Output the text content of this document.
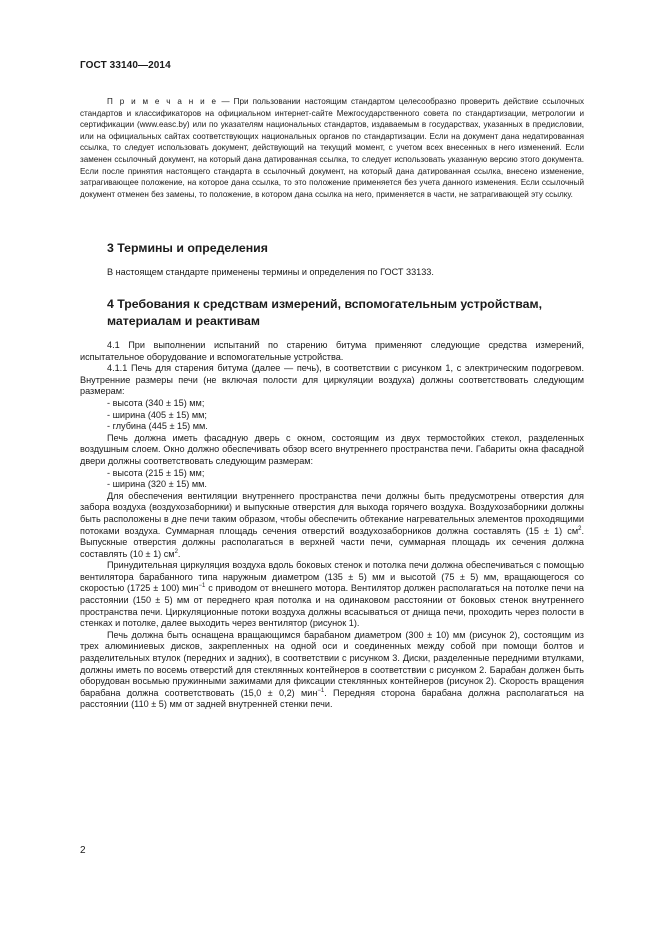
ГОСТ 33140—2014

П р и м е ч а н и е — При пользовании настоящим стандартом целесообразно проверить действие ссылочных стандартов и классификаторов на официальном интернет-сайте Межгосударственного совета по стандартизации, метрологии и сертификации (www.easc.by) или по указателям национальных стандартов, издаваемым в государствах, указанных в предисловии, или на официальных сайтах соответствующих национальных органов по стандартизации. Если на документ дана недатированная ссылка, то следует использовать документ, действующий на текущий момент, с учетом всех внесенных в него изменений. Если заменен ссылочный документ, на который дана датированная ссылка, то следует использовать указанную версию этого документа. Если после принятия настоящего стандарта в ссылочный документ, на который дана датированная ссылка, внесено изменение, затрагивающее положение, на которое дана ссылка, то это положение применяется без учета данного изменения. Если ссылочный документ отменен без замены, то положение, в котором дана ссылка на него, применяется в части, не затрагивающей эту ссылку.

3 Термины и определения

В настоящем стандарте применены термины и определения по ГОСТ 33133.

4 Требования к средствам измерений, вспомогательным устройствам, материалам и реактивам

4.1 При выполнении испытаний по старению битума применяют следующие средства измерений, испытательное оборудование и вспомогательные устройства.

4.1.1 Печь для старения битума (далее — печь), в соответствии с рисунком 1, с электрическим подогревом. Внутренние размеры печи (не включая полости для циркуляции воздуха) должны соответствовать следующим размерам:

- высота (340 ± 15) мм;

- ширина (405 ± 15) мм;

- глубина (445 ± 15) мм.

Печь должна иметь фасадную дверь с окном, состоящим из двух термостойких стекол, разделенных воздушным слоем. Окно должно обеспечивать обзор всего внутреннего пространства печи. Габариты окна фасадной двери должны соответствовать следующим размерам:

- высота (215 ± 15) мм;

- ширина (320 ± 15) мм.

Для обеспечения вентиляции внутреннего пространства печи должны быть предусмотрены отверстия для забора воздуха (воздухозаборники) и выпускные отверстия для выхода горячего воздуха. Воздухозаборники должны быть расположены в дне печи таким образом, чтобы обеспечить обтекание нагревательных элементов проходящими потоками воздуха. Суммарная площадь сечения отверстий воздухозаборников должна составлять (15 ± 1) $см^2$. Выпускные отверстия должны располагаться в верхней части печи, суммарная площадь их сечения должна составлять (10 ± 1) $см^2$.

Принудительная циркуляция воздуха вдоль боковых стенок и потолка печи должна обеспечиваться с помощью вентилятора барабанного типа наружным диаметром (135 ± 5) мм и высотой (75 ± 5) мм, вращающегося со скоростью (1725 ± 100) мин$^{-1}$ с приводом от внешнего мотора. Вентилятор должен располагаться на потолке печи на расстоянии (150 ± 5) мм от переднего края потолка и на одинаковом расстоянии от боковых стенок внутреннего пространства печи. Циркуляционные потоки воздуха должны всасываться от днища печи, проходить через полости в стенках и потолке, далее выходить через вентилятор (рисунок 1).

Печь должна быть оснащена вращающимся барабаном диаметром (300 ± 10) мм (рисунок 2), состоящим из трех алюминиевых дисков, закрепленных на одной оси и соединенных между собой при помощи болтов и разделительных втулок (передних и задних), в соответствии с рисунком 3. Диски, разделенные передними втулками, должны иметь по восемь отверстий для стеклянных контейнеров в соответствии с рисунком 2. Барабан должен быть оборудован восьмью пружинными зажимами для фиксации стеклянных контейнеров (рисунок 2). Скорость вращения барабана должна соответствовать (15,0 ± 0,2) мин$^{-1}$. Передняя сторона барабана должна располагаться на расстоянии (110 ± 5) мм от задней внутренней стенки печи.

2
